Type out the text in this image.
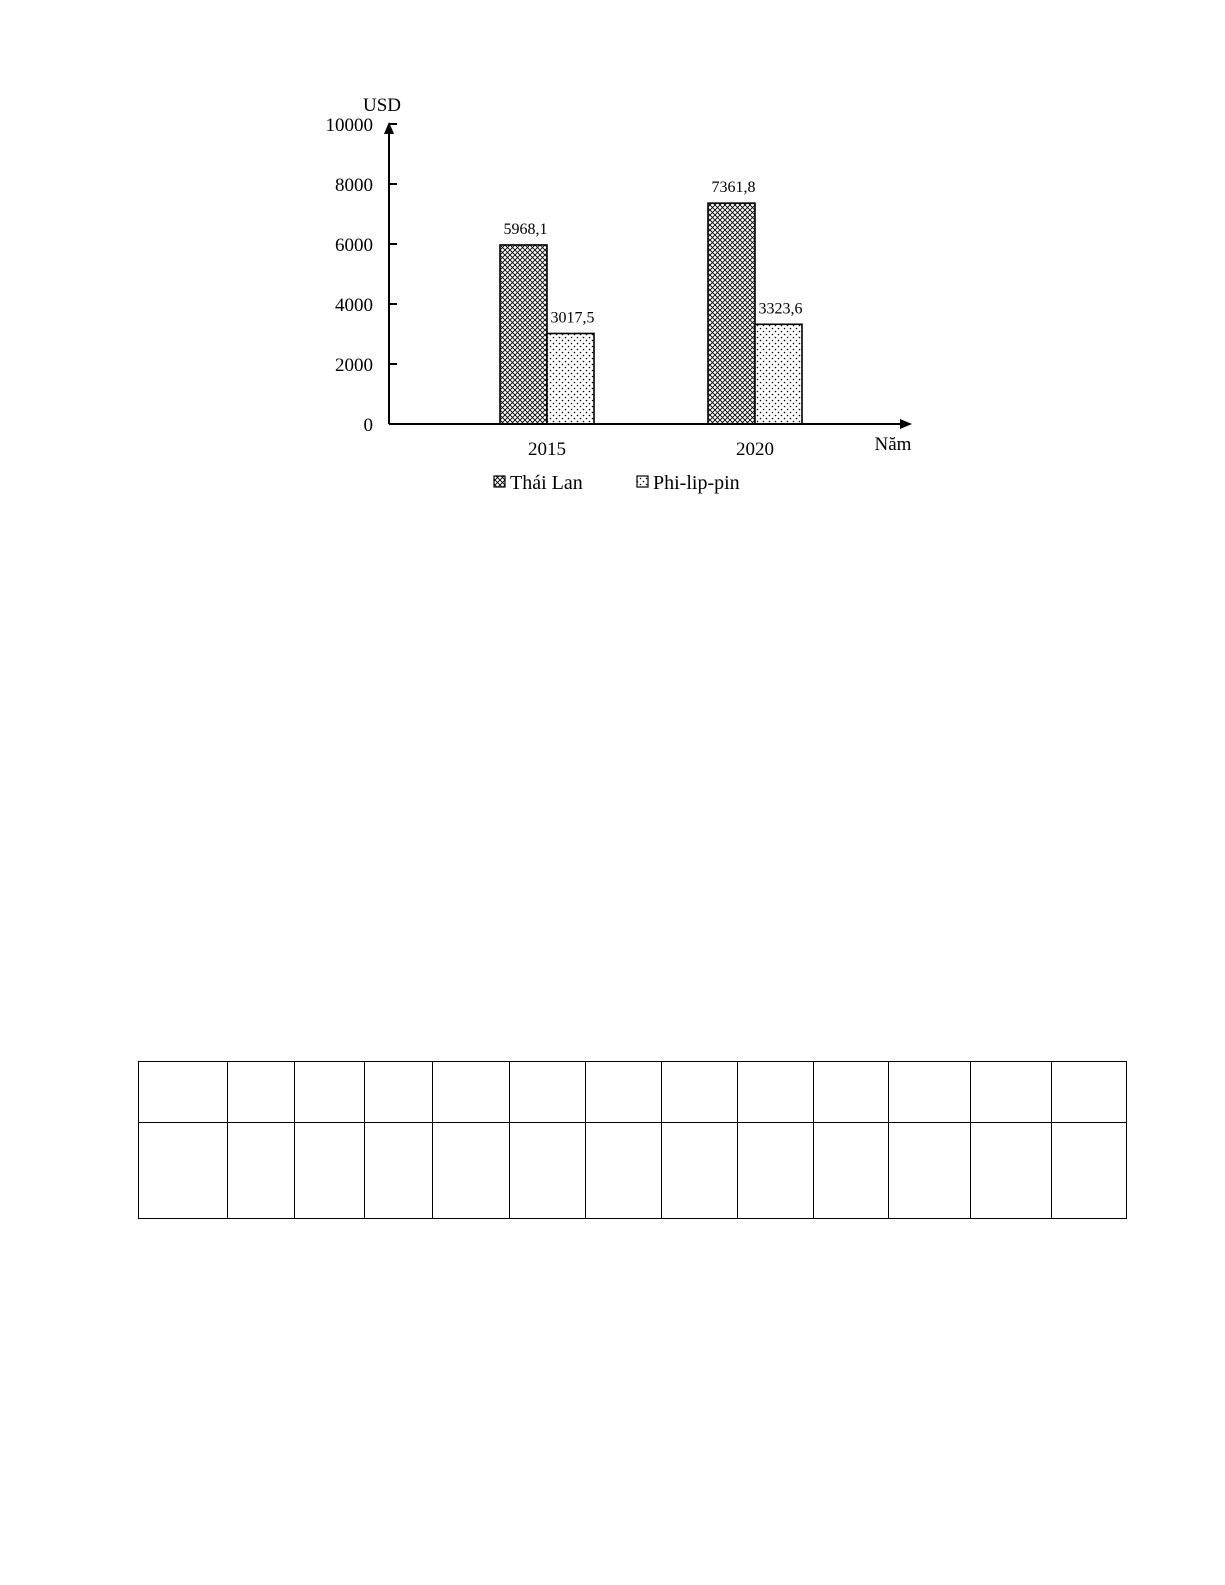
USD
Năm
5968,1
3017,5
2015
7361,8
3323,6
2020
0
2000
4000
6000
8000
10000
Thái Lan	Phi-lip-pin
